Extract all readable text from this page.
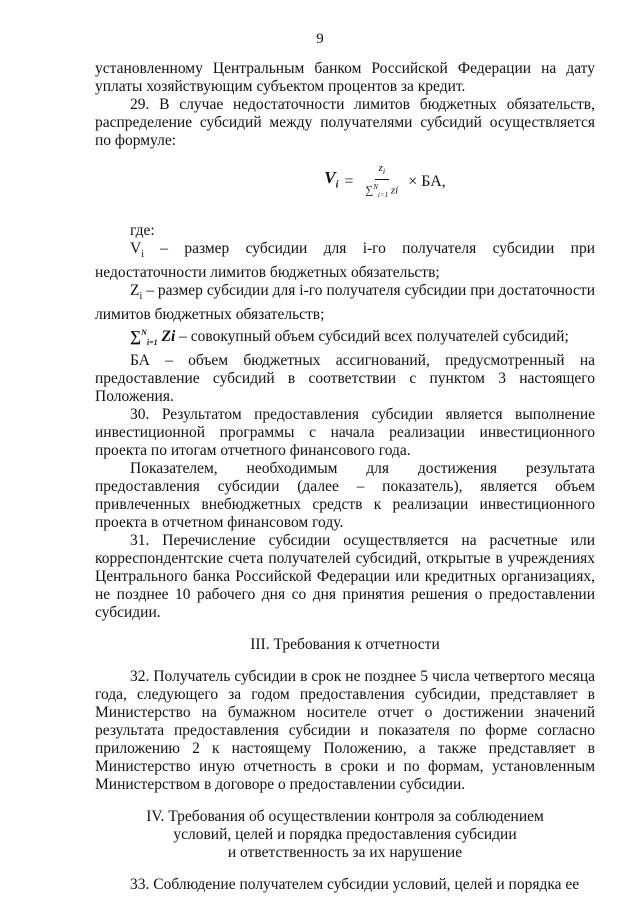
9

установленному Центральным банком Российской Федерации на дату уплаты хозяйствующим субъектом процентов за кредит.

29. В случае недостаточности лимитов бюджетных обязательств, распределение субсидий между получателями субсидий осуществляется по формуле:

$V_i = \frac{z_i}{\sum^N_{i=1} zi}$ × БА,

где:

$V_i$ – размер субсидии для i-го получателя субсидии при недостаточности лимитов бюджетных обязательств;

$Z_i$ – размер субсидии для i-го получателя субсидии при достаточности лимитов бюджетных обязательств;

∑$^N_{i=1}$ Zi – совокупный объем субсидий всех получателей субсидий;

БА – объем бюджетных ассигнований, предусмотренный на предоставление субсидий в соответствии с пунктом 3 настоящего Положения.

30. Результатом предоставления субсидии является выполнение инвестиционной программы с начала реализации инвестиционного проекта по итогам отчетного финансового года.

Показателем, необходимым для достижения результата предоставления субсидии (далее – показатель), является объем привлеченных внебюджетных средств к реализации инвестиционного проекта в отчетном финансовом году.

31. Перечисление субсидии осуществляется на расчетные или корреспондентские счета получателей субсидий, открытые в учреждениях Центрального банка Российской Федерации или кредитных организациях, не позднее 10 рабочего дня со дня принятия решения о предоставлении субсидии.

III. Требования к отчетности

32. Получатель субсидии в срок не позднее 5 числа четвертого месяца года, следующего за годом предоставления субсидии, представляет в Министерство на бумажном носителе отчет о достижении значений результата предоставления субсидии и показателя по форме согласно приложению 2 к настоящему Положению, а также представляет в Министерство иную отчетность в сроки и по формам, установленным Министерством в договоре о предоставлении субсидии.

IV. Требования об осуществлении контроля за соблюдением

условий, целей и порядка предоставления субсидии

и ответственность за их нарушение

33. Соблюдение получателем субсидии условий, целей и порядка ее
